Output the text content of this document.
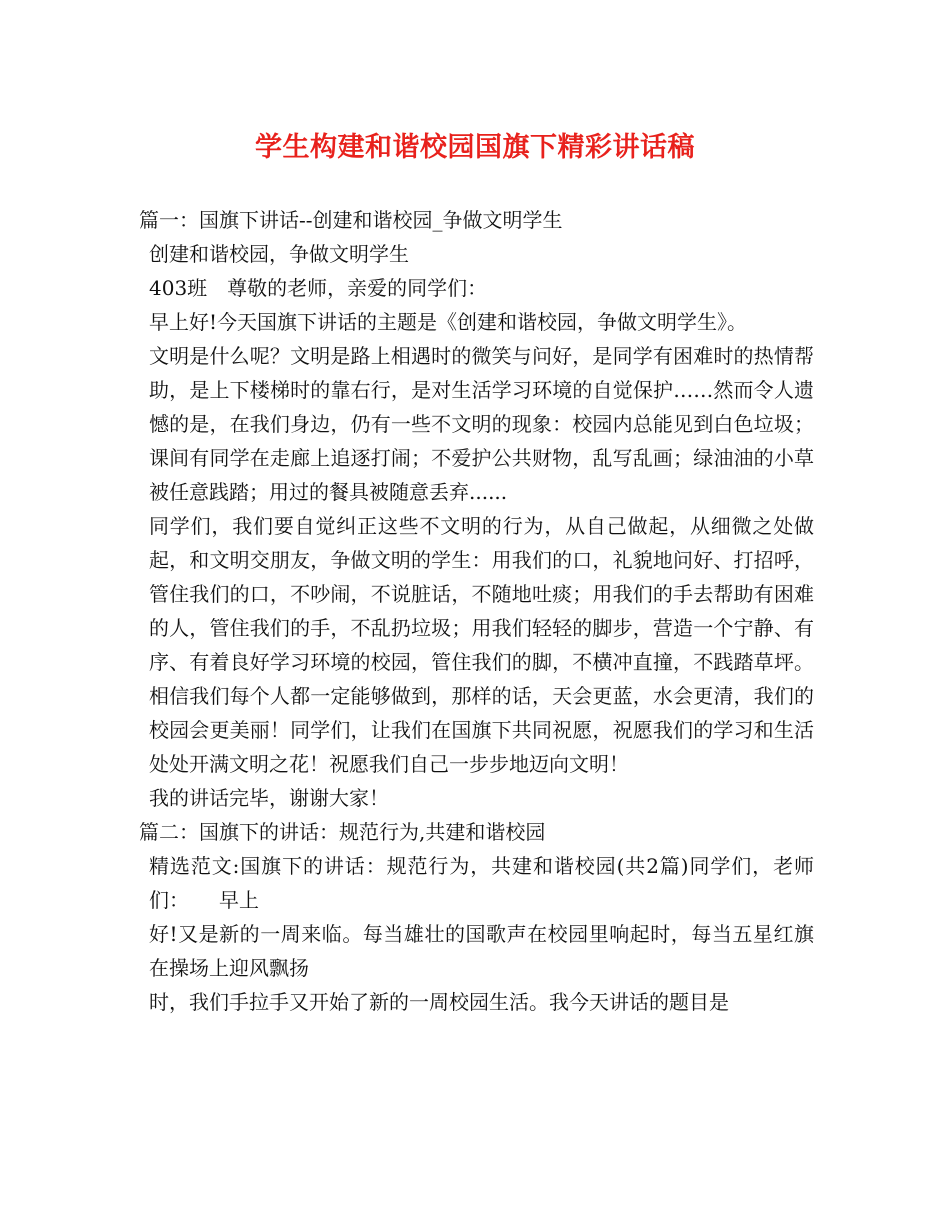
学生构建和谐校园国旗下精彩讲话稿

篇一：国旗下讲话--创建和谐校园_争做文明学生

创建和谐校园，争做文明学生

403班　尊敬的老师，亲爱的同学们：

早上好!今天国旗下讲话的主题是《创建和谐校园，争做文明学生》。

文明是什么呢？文明是路上相遇时的微笑与问好，是同学有困难时的热情帮助，是上下楼梯时的靠右行，是对生活学习环境的自觉保护……然而令人遗憾的是，在我们身边，仍有一些不文明的现象：校园内总能见到白色垃圾；课间有同学在走廊上追逐打闹；不爱护公共财物，乱写乱画；绿油油的小草被任意践踏；用过的餐具被随意丢弃......

同学们，我们要自觉纠正这些不文明的行为，从自己做起，从细微之处做起，和文明交朋友，争做文明的学生：用我们的口，礼貌地问好、打招呼，管住我们的口，不吵闹，不说脏话，不随地吐痰；用我们的手去帮助有困难的人，管住我们的手，不乱扔垃圾；用我们轻轻的脚步，营造一个宁静、有序、有着良好学习环境的校园，管住我们的脚，不横冲直撞，不践踏草坪。相信我们每个人都一定能够做到，那样的话，天会更蓝，水会更清，我们的校园会更美丽！同学们，让我们在国旗下共同祝愿，祝愿我们的学习和生活处处开满文明之花！祝愿我们自己一步步地迈向文明！

我的讲话完毕，谢谢大家！

篇二：国旗下的讲话：规范行为,共建和谐校园

精选范文:国旗下的讲话：规范行为，共建和谐校园(共2篇)同学们，老师们：　　早上

好!又是新的一周来临。每当雄壮的国歌声在校园里响起时，每当五星红旗在操场上迎风飘扬

时，我们手拉手又开始了新的一周校园生活。我今天讲话的题目是
